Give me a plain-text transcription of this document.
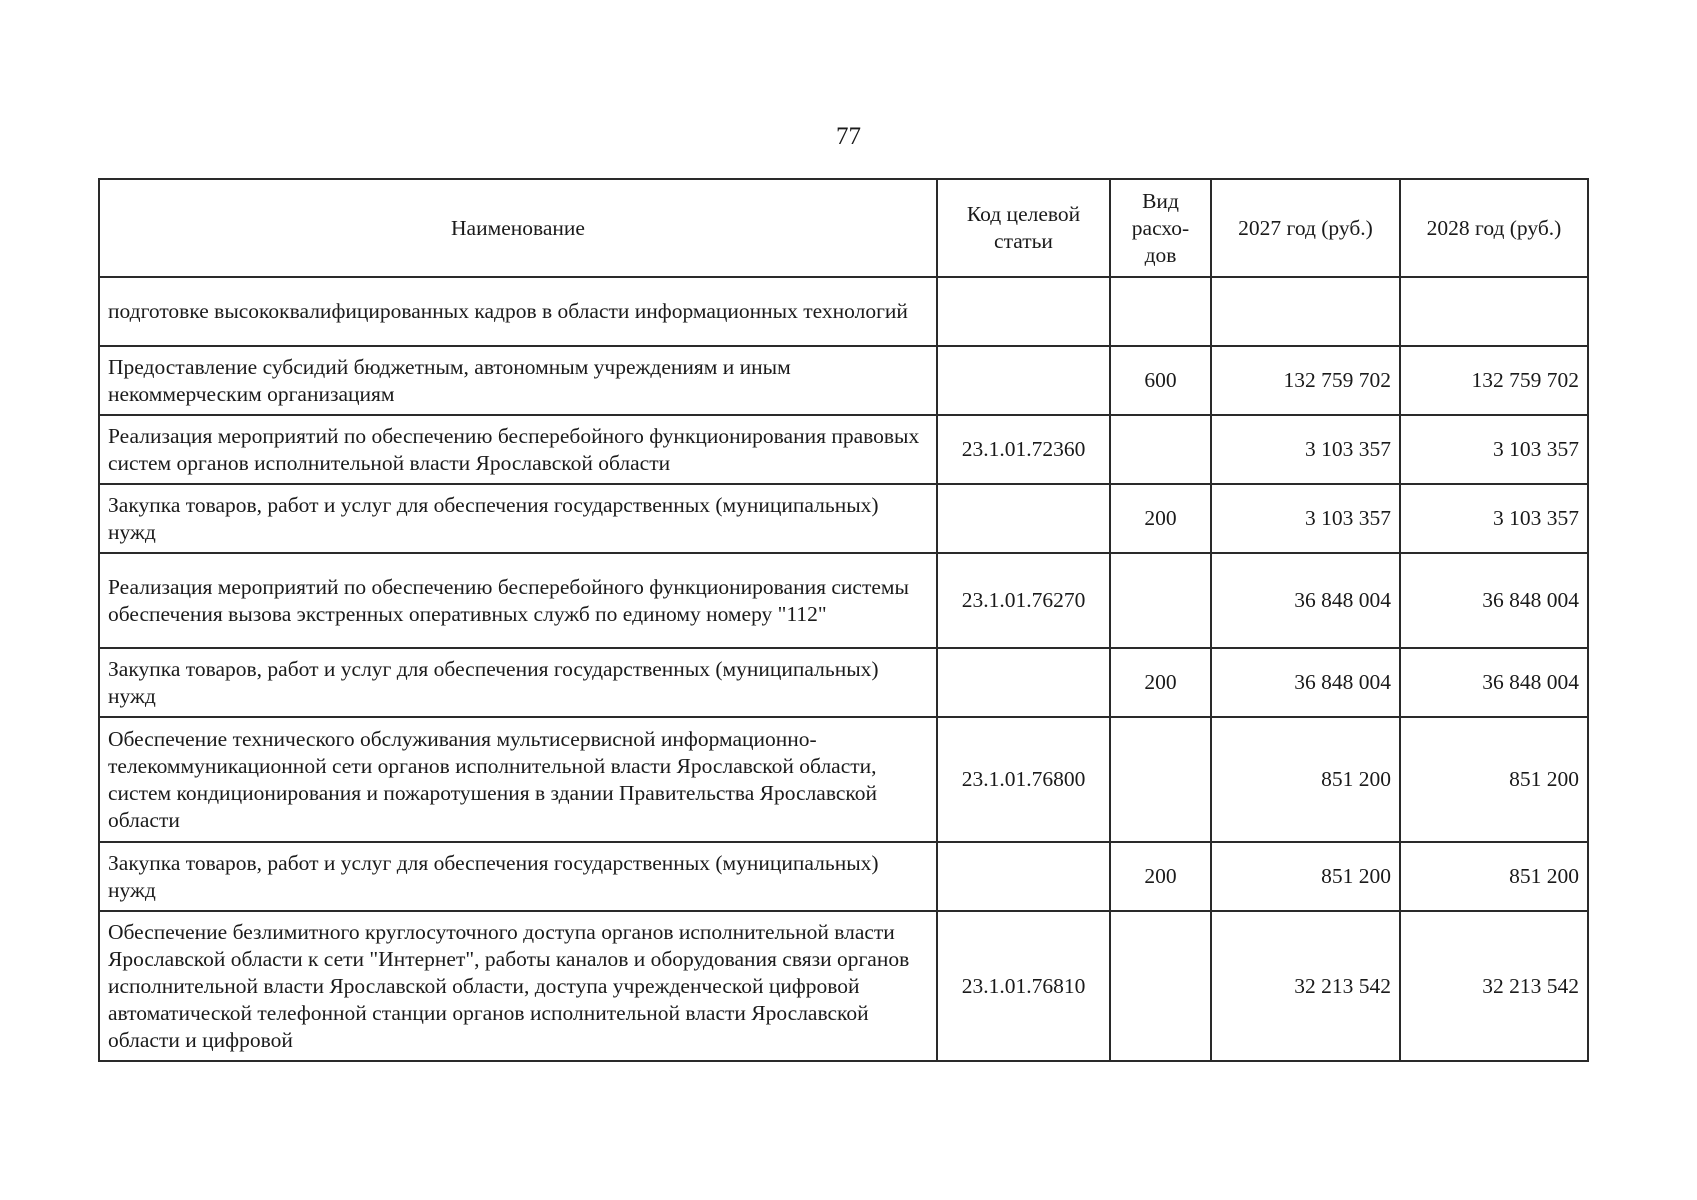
77
Наименование	Код целевой статьи	Вид расхо-дов	2027 год (руб.)	2028 год (руб.)
подготовке высококвалифицированных кадров в области информационных технологий				
Предоставление субсидий бюджетным, автономным учреждениям и иным некоммерческим организациям		600	132 759 702	132 759 702
Реализация мероприятий по обеспечению бесперебойного функционирования правовых систем органов исполнительной власти Ярославской области	23.1.01.72360		3 103 357	3 103 357
Закупка товаров, работ и услуг для обеспечения государственных (муниципальных) нужд		200	3 103 357	3 103 357
Реализация мероприятий по обеспечению бесперебойного функционирования системы обеспечения вызова экстренных оперативных служб по единому номеру "112"	23.1.01.76270		36 848 004	36 848 004
Закупка товаров, работ и услуг для обеспечения государственных (муниципальных) нужд		200	36 848 004	36 848 004
Обеспечение технического обслуживания мультисервисной информационно-телекоммуникационной сети органов исполнительной власти Ярославской области, систем кондиционирования и пожаротушения в здании Правительства Ярославской области	23.1.01.76800		851 200	851 200
Закупка товаров, работ и услуг для обеспечения государственных (муниципальных) нужд		200	851 200	851 200
Обеспечение безлимитного круглосуточного доступа органов исполнительной власти Ярославской области к сети "Интернет", работы каналов и оборудования связи органов исполнительной власти Ярославской области, доступа учрежденческой цифровой автоматической телефонной станции органов исполнительной власти Ярославской области и цифровой	23.1.01.76810		32 213 542	32 213 542
